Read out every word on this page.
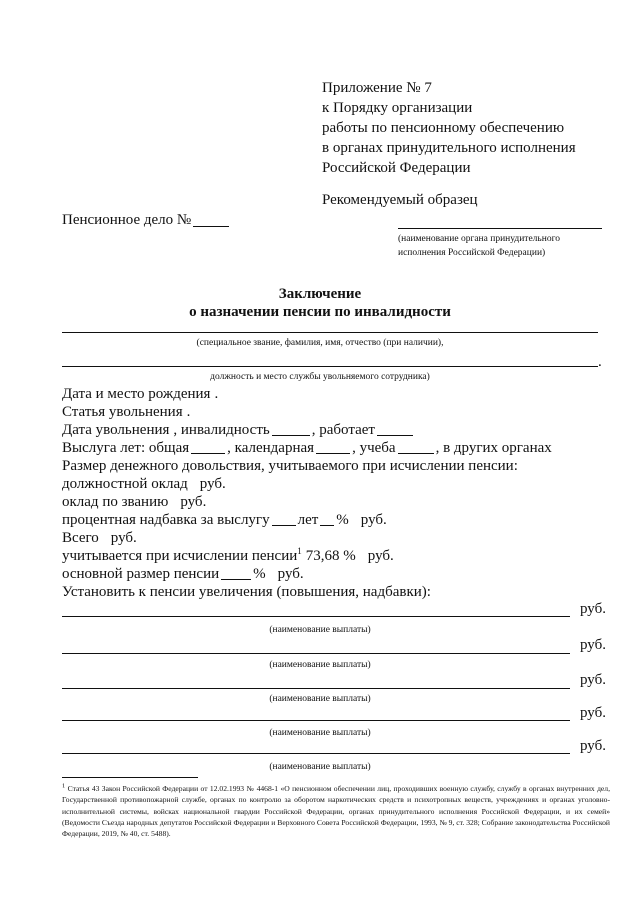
Приложение № 7
к Порядку организации
работы по пенсионному обеспечению
в органах принудительного исполнения
Российской Федерации
Рекомендуемый образец
Пенсионное дело №
(наименование органа принудительного
исполнения Российской Федерации)
Заключение
о назначении пенсии по инвалидности
(специальное звание, фамилия, имя, отчество (при наличии),
.
должность и место службы увольняемого сотрудника)
Дата и место рождения .
Статья увольнения .
Дата увольнения , инвалидность	, работает
Выслуга лет: общая	, календарная	, учеба	, в других органах
Размер денежного довольствия, учитываемого при исчислении пенсии:
должностной оклад руб.
оклад по званию руб.
процентная надбавка за выслугу лет % руб.
Всего руб.
учитывается при исчислении пенсии$^1$ 73,68 % руб.
основной размер пенсии % руб.
Установить к пенсии увеличения (повышения, надбавки):
руб.
(наименование выплаты)
руб.
(наименование выплаты)
руб.
(наименование выплаты)
руб.
(наименование выплаты)
руб.
(наименование выплаты)
$^1$ Статья 43 Закон Российской Федерации от 12.02.1993 № 4468-1 «О пенсионном обеспечении лиц, проходивших военную службу, службу в органах внутренних дел, Государственной противопожарной службе, органах по контролю за оборотом наркотических средств и психотропных веществ, учреждениях и органах уголовно-исполнительной системы, войсках национальной гвардии Российской Федерации, органах принудительного исполнения Российской Федерации, и их семей» (Ведомости Съезда народных депутатов Российской Федерации и Верховного Совета Российской Федерации, 1993, № 9, ст. 328; Собрание законодательства Российской Федерации, 2019, № 40, ст. 5488).
